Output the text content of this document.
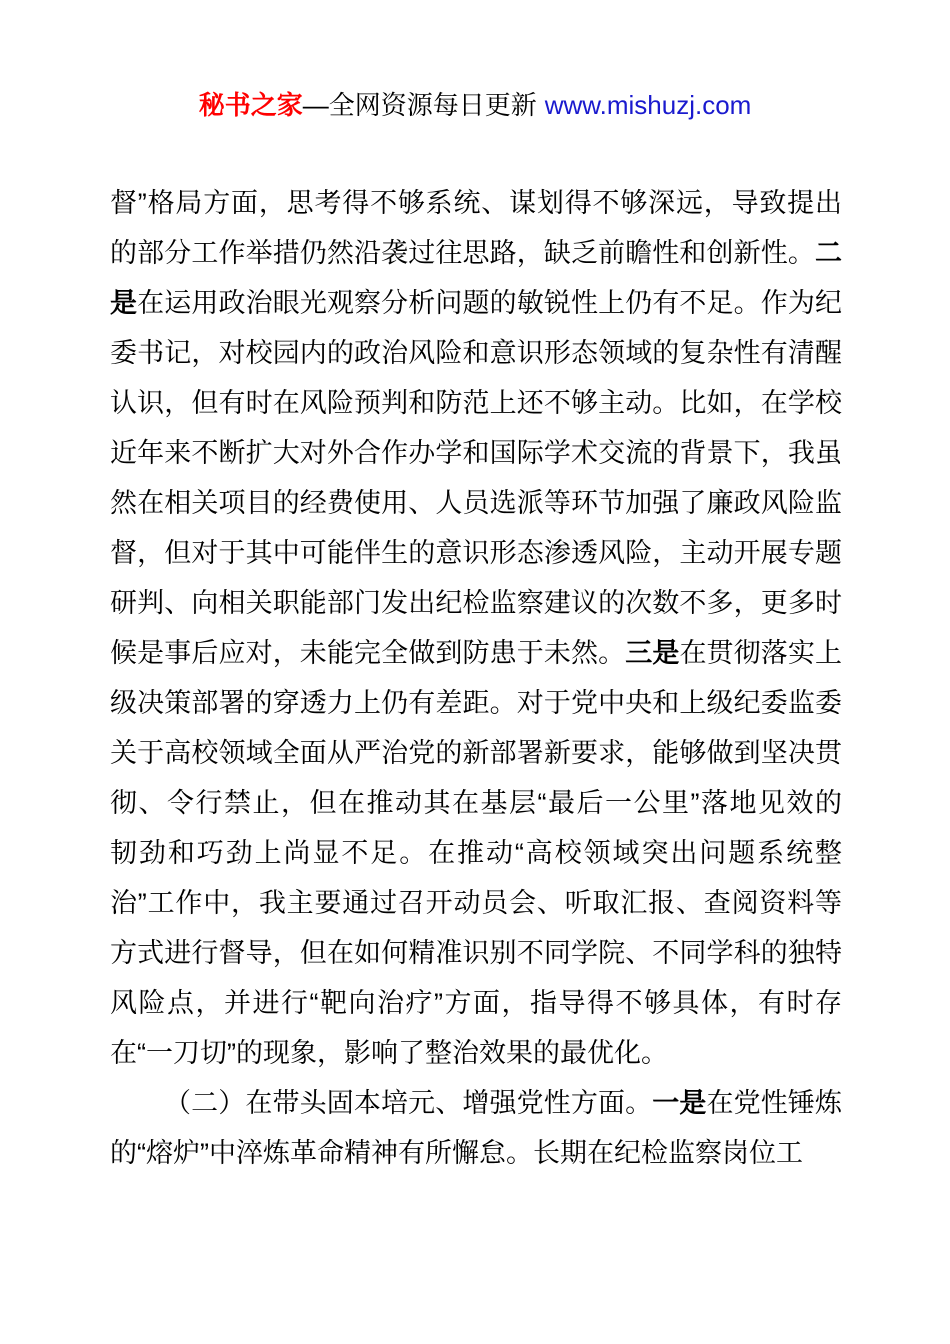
秘书之家—全网资源每日更新 www.mishuzj.com
督”格局方面，思考得不够系统、谋划得不够深远，导致提出
的部分工作举措仍然沿袭过往思路，缺乏前瞻性和创新性。二
是在运用政治眼光观察分析问题的敏锐性上仍有不足。作为纪
委书记，对校园内的政治风险和意识形态领域的复杂性有清醒
认识，但有时在风险预判和防范上还不够主动。比如，在学校
近年来不断扩大对外合作办学和国际学术交流的背景下，我虽
然在相关项目的经费使用、人员选派等环节加强了廉政风险监
督，但对于其中可能伴生的意识形态渗透风险，主动开展专题
研判、向相关职能部门发出纪检监察建议的次数不多，更多时
候是事后应对，未能完全做到防患于未然。三是在贯彻落实上
级决策部署的穿透力上仍有差距。对于党中央和上级纪委监委
关于高校领域全面从严治党的新部署新要求，能够做到坚决贯
彻、令行禁止，但在推动其在基层“最后一公里”落地见效的
韧劲和巧劲上尚显不足。在推动“高校领域突出问题系统整
治”工作中，我主要通过召开动员会、听取汇报、查阅资料等
方式进行督导，但在如何精准识别不同学院、不同学科的独特
风险点，并进行“靶向治疗”方面，指导得不够具体，有时存
在“一刀切”的现象，影响了整治效果的最优化。
（二）在带头固本培元、增强党性方面。一是在党性锤炼
的“熔炉”中淬炼革命精神有所懈怠。长期在纪检监察岗位工
